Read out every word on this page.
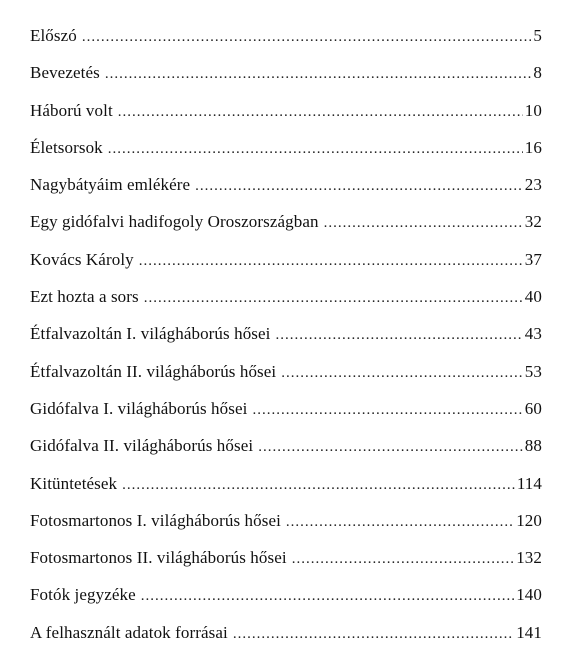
Előszó .....	5
Bevezetés .....	8
Háború volt .....	10
Életsorsok .....	16
Nagybátyáim emlékére .....	23
Egy gidófalvi hadifogoly Oroszországban .....	32
Kovács Károly .....	37
Ezt hozta a sors .....	40
Étfalvazoltán I. világháborús hősei .....	43
Étfalvazoltán II. világháborús hősei .....	53
Gidófalva I. világháborús hősei .....	60
Gidófalva II. világháborús hősei .....	88
Kitüntetések .....	114
Fotosmartonos I. világháborús hősei .....	120
Fotosmartonos II. világháborús hősei .....	132
Fotók jegyzéke .....	140
A felhasznált adatok forrásai .....	141
